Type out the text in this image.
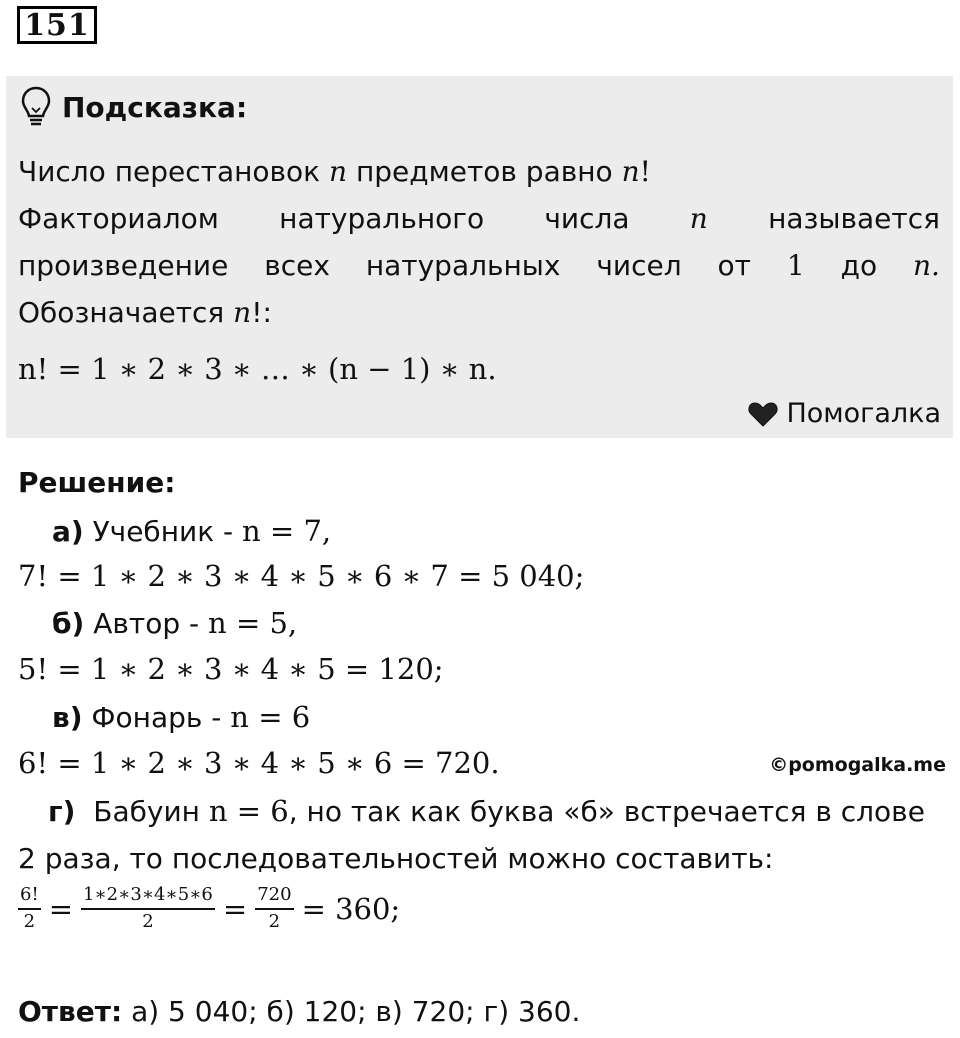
151
Подсказка:
Число перестановок n предметов равно n!
Факториалом натурального числа n называется
произведение всех натуральных чисел от 1 до n.
Обозначается n!:
n! = 1 ∗ 2 ∗ 3 ∗ … ∗ (n − 1) ∗ n.
Помогалка
Решение:
а) Учебник - n = 7,
7! = 1 ∗ 2 ∗ 3 ∗ 4 ∗ 5 ∗ 6 ∗ 7 = 5 040;
б) Автор - n = 5,
5! = 1 ∗ 2 ∗ 3 ∗ 4 ∗ 5 = 120;
в) Фонарь - n = 6
6! = 1 ∗ 2 ∗ 3 ∗ 4 ∗ 5 ∗ 6 = 720.
г) Бабуин n = 6, но так как буква «б» встречается в слове
2 раза, то последовательностей можно составить:
$\frac{6!}{2} = \frac{1∗2∗3∗4∗5∗6}{2} = \frac{720}{2} = 360$;
©pomogalka.me
Ответ: а) 5 040; б) 120; в) 720; г) 360.
